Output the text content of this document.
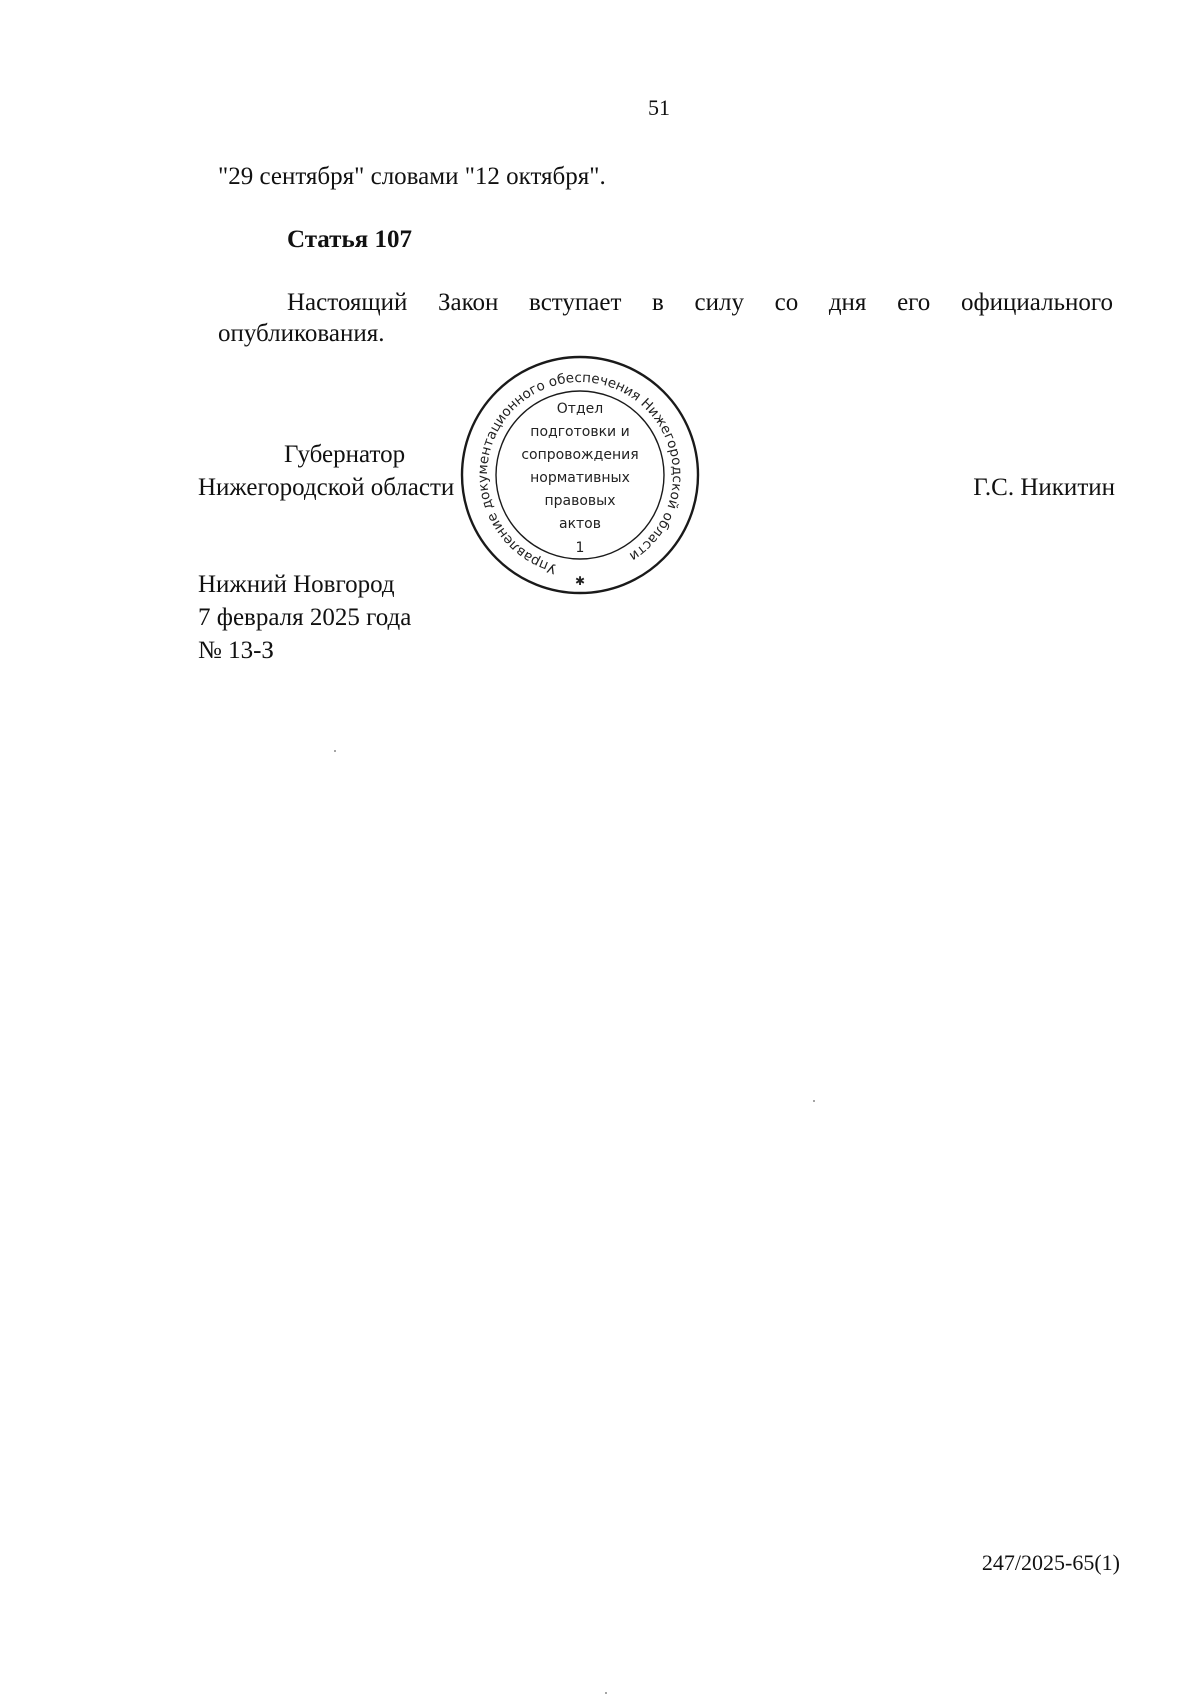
51
"29 сентября" словами "12 октября".
Статья 107
Настоящий Закон вступает в силу со дня его официального
опубликования.
Губернатор
Нижегородской области	Г.С. Никитин
Нижний Новгород
7 февраля 2025 года
№ 13-З
Управление документационного обеспечения Нижегородской области
Отдел
подготовки и
сопровождения
нормативных
правовых
актов
1
✱
247/2025-65(1)
